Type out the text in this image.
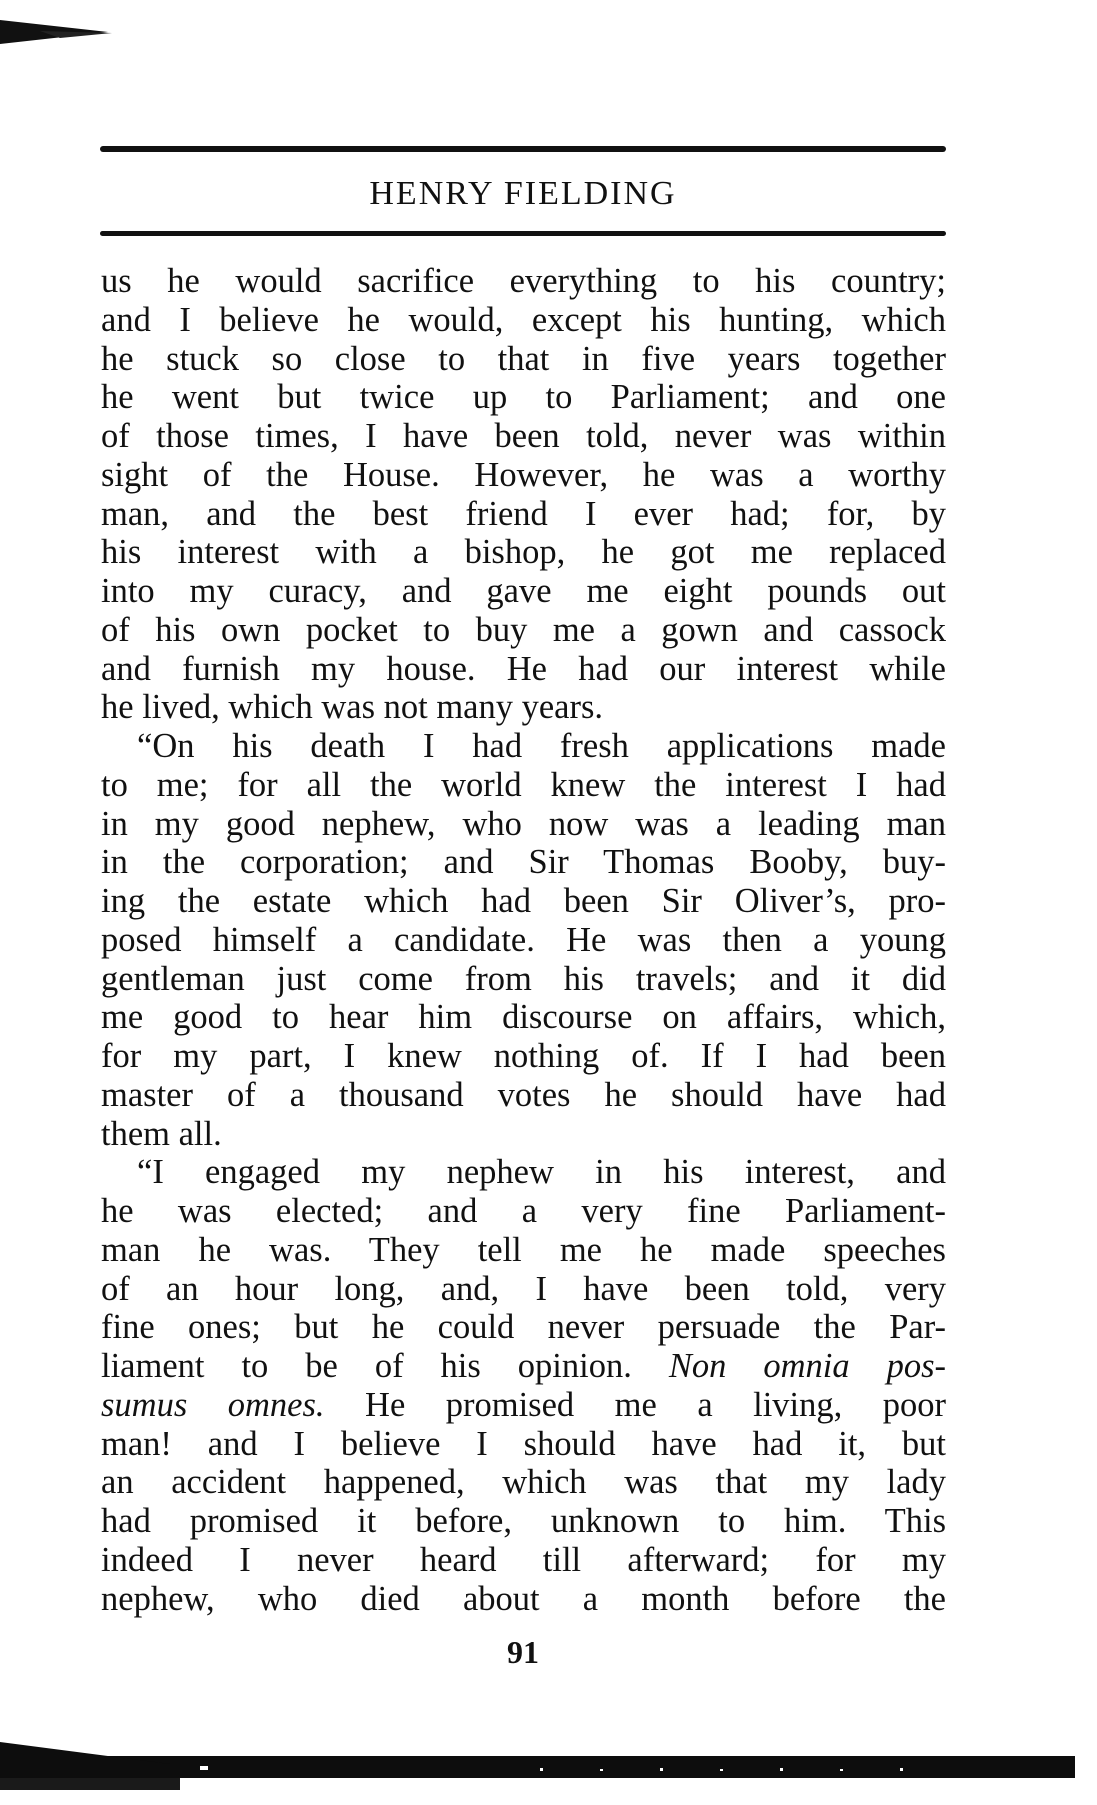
HENRY FIELDING
us he would sacrifice everything to his country;
and I believe he would, except his hunting, which
he stuck so close to that in five years together
he went but twice up to Parliament; and one
of those times, I have been told, never was within
sight of the House. However, he was a worthy
man, and the best friend I ever had; for, by
his interest with a bishop, he got me replaced
into my curacy, and gave me eight pounds out
of his own pocket to buy me a gown and cassock
and furnish my house. He had our interest while
he lived, which was not many years.
“On his death I had fresh applications made
to me; for all the world knew the interest I had
in my good nephew, who now was a leading man
in the corporation; and Sir Thomas Booby, buy-
ing the estate which had been Sir Oliver’s, pro-
posed himself a candidate. He was then a young
gentleman just come from his travels; and it did
me good to hear him discourse on affairs, which,
for my part, I knew nothing of. If I had been
master of a thousand votes he should have had
them all.
“I engaged my nephew in his interest, and
he was elected; and a very fine Parliament-
man he was. They tell me he made speeches
of an hour long, and, I have been told, very
fine ones; but he could never persuade the Par-
liament to be of his opinion. Non omnia pos-
sumus omnes. He promised me a living, poor
man! and I believe I should have had it, but
an accident happened, which was that my lady
had promised it before, unknown to him. This
indeed I never heard till afterward; for my
nephew, who died about a month before the
91
